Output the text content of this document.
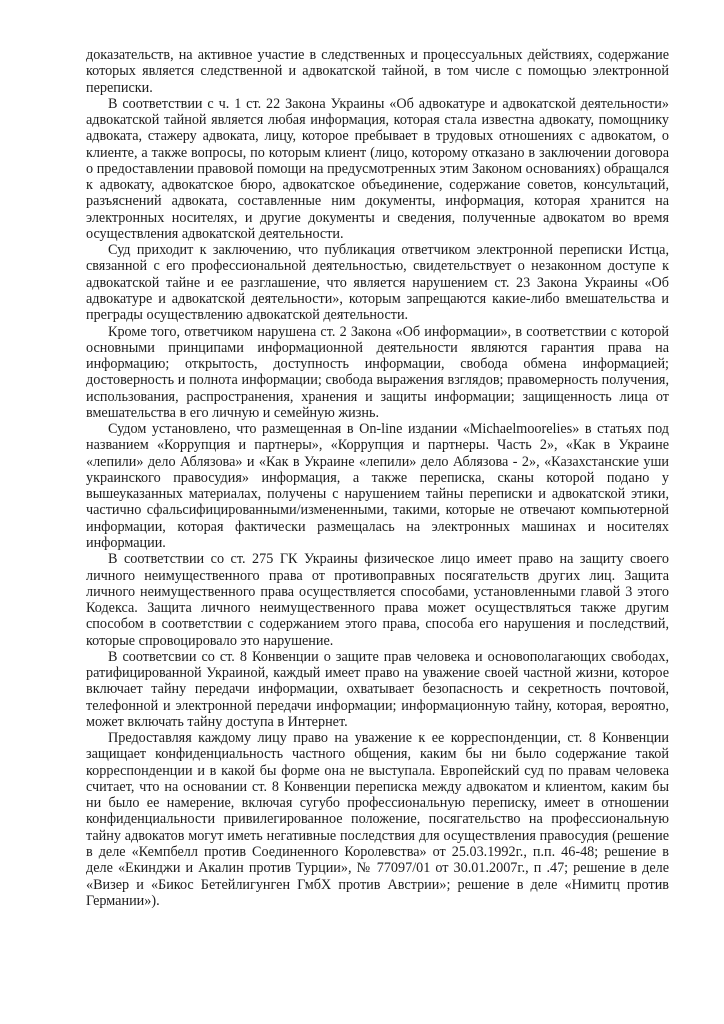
доказательств, на активное участие в следственных и процессуальных действиях, содержание которых является следственной и адвокатской тайной, в том числе с помощью электронной переписки.

В соответствии с ч. 1 ст. 22 Закона Украины «Об адвокатуре и адвокатской деятельности» адвокатской тайной является любая информация, которая стала известна адвокату, помощнику адвоката, стажеру адвоката, лицу, которое пребывает в трудовых отношениях с адвокатом, о клиенте, а также вопросы, по которым клиент (лицо, которому отказано в заключении договора о предоставлении правовой помощи на предусмотренных этим Законом основаниях) обращался к адвокату, адвокатское бюро, адвокатское объединение, содержание советов, консультаций, разъяснений адвоката, составленные ним документы, информация, которая хранится на электронных носителях, и другие документы и сведения, полученные адвокатом во время осуществления адвокатской деятельности.

Суд приходит к заключению, что публикация ответчиком электронной переписки Истца, связанной с его профессиональной деятельностью, свидетельствует о незаконном доступе к адвокатской тайне и ее разглашение, что является нарушением ст. 23 Закона Украины «Об адвокатуре и адвокатской деятельности», которым запрещаются какие-либо вмешательства и преграды осуществлению адвокатской деятельности.

Кроме того, ответчиком нарушена ст. 2 Закона «Об информации», в соответствии с которой основными принципами информационной деятельности являются гарантия права на информацию; открытость, доступность информации, свобода обмена информацией; достоверность и полнота информации; свобода выражения взглядов; правомерность получения, использования, распространения, хранения и защиты информации; защищенность лица от вмешательства в его личную и семейную жизнь.

Судом установлено, что размещенная в On-line издании «Michaelmoorelies» в статьях под названием «Коррупция и партнеры», «Коррупция и партнеры. Часть 2», «Как в Украине «лепили» дело Аблязова» и «Как в Украине «лепили» дело Аблязова - 2», «Казахстанские уши украинского правосудия» информация, а также переписка, сканы которой подано у вышеуказанных материалах, получены с нарушением тайны переписки и адвокатской этики, частично сфальсифицированными/измененными, такими, которые не отвечают компьютерной информации, которая фактически размещалась на электронных машинах и носителях информации.

В соответствии со ст. 275 ГК Украины физическое лицо имеет право на защиту своего личного неимущественного права от противоправных посягательств других лиц. Защита личного неимущественного права осуществляется способами, установленными главой 3 этого Кодекса. Защита личного неимущественного права может осуществляться также другим способом в соответствии с содержанием этого права, способа его нарушения и последствий, которые спровоцировало это нарушение.

В соответсвии со ст. 8 Конвенции о защите прав человека и основополагающих свободах, ратифицированной Украиной, каждый имеет право на уважение своей частной жизни, которое включает тайну передачи информации, охватывает безопасность и секретность почтовой, телефонной и электронной передачи информации; информационную тайну, которая, вероятно, может включать тайну доступа в Интернет.

Предоставляя каждому лицу право на уважение к ее корреспонденции, ст. 8 Конвенции защищает конфиденциальность частного общения, каким бы ни было содержание такой корреспонденции и в какой бы форме она не выступала. Европейский суд по правам человека считает, что на основании ст. 8 Конвенции переписка между адвокатом и клиентом, каким бы ни было ее намерение, включая сугубо профессиональную переписку, имеет в отношении конфиденциальности привилегированное положение, посягательство на профессиональную тайну адвокатов могут иметь негативные последствия для осуществления правосудия (решение в деле «Кемпбелл против Соединенного Королевства» от 25.03.1992г., п.п. 46-48; решение в деле «Екинджи и Акалин против Турции», № 77097/01 от 30.01.2007г., п .47; решение в деле «Визер и «Бикос Бетейлигунген ГмбХ против Австрии»; решение в деле «Нимитц против Германии»).
